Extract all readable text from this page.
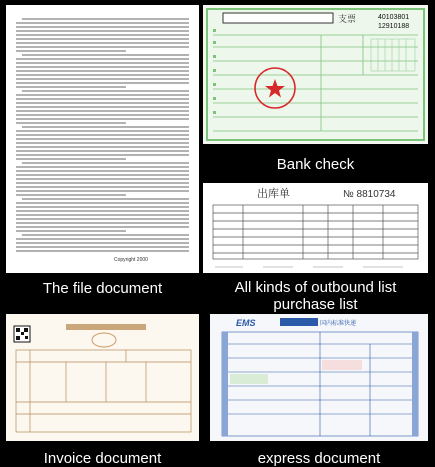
Copyright 2000
The file document
支票	40103801
12910188
Bank check
出库单	№ 8810734
All kinds of outbound list
purchase list
Invoice document
EMS	国内标准快递
express document
